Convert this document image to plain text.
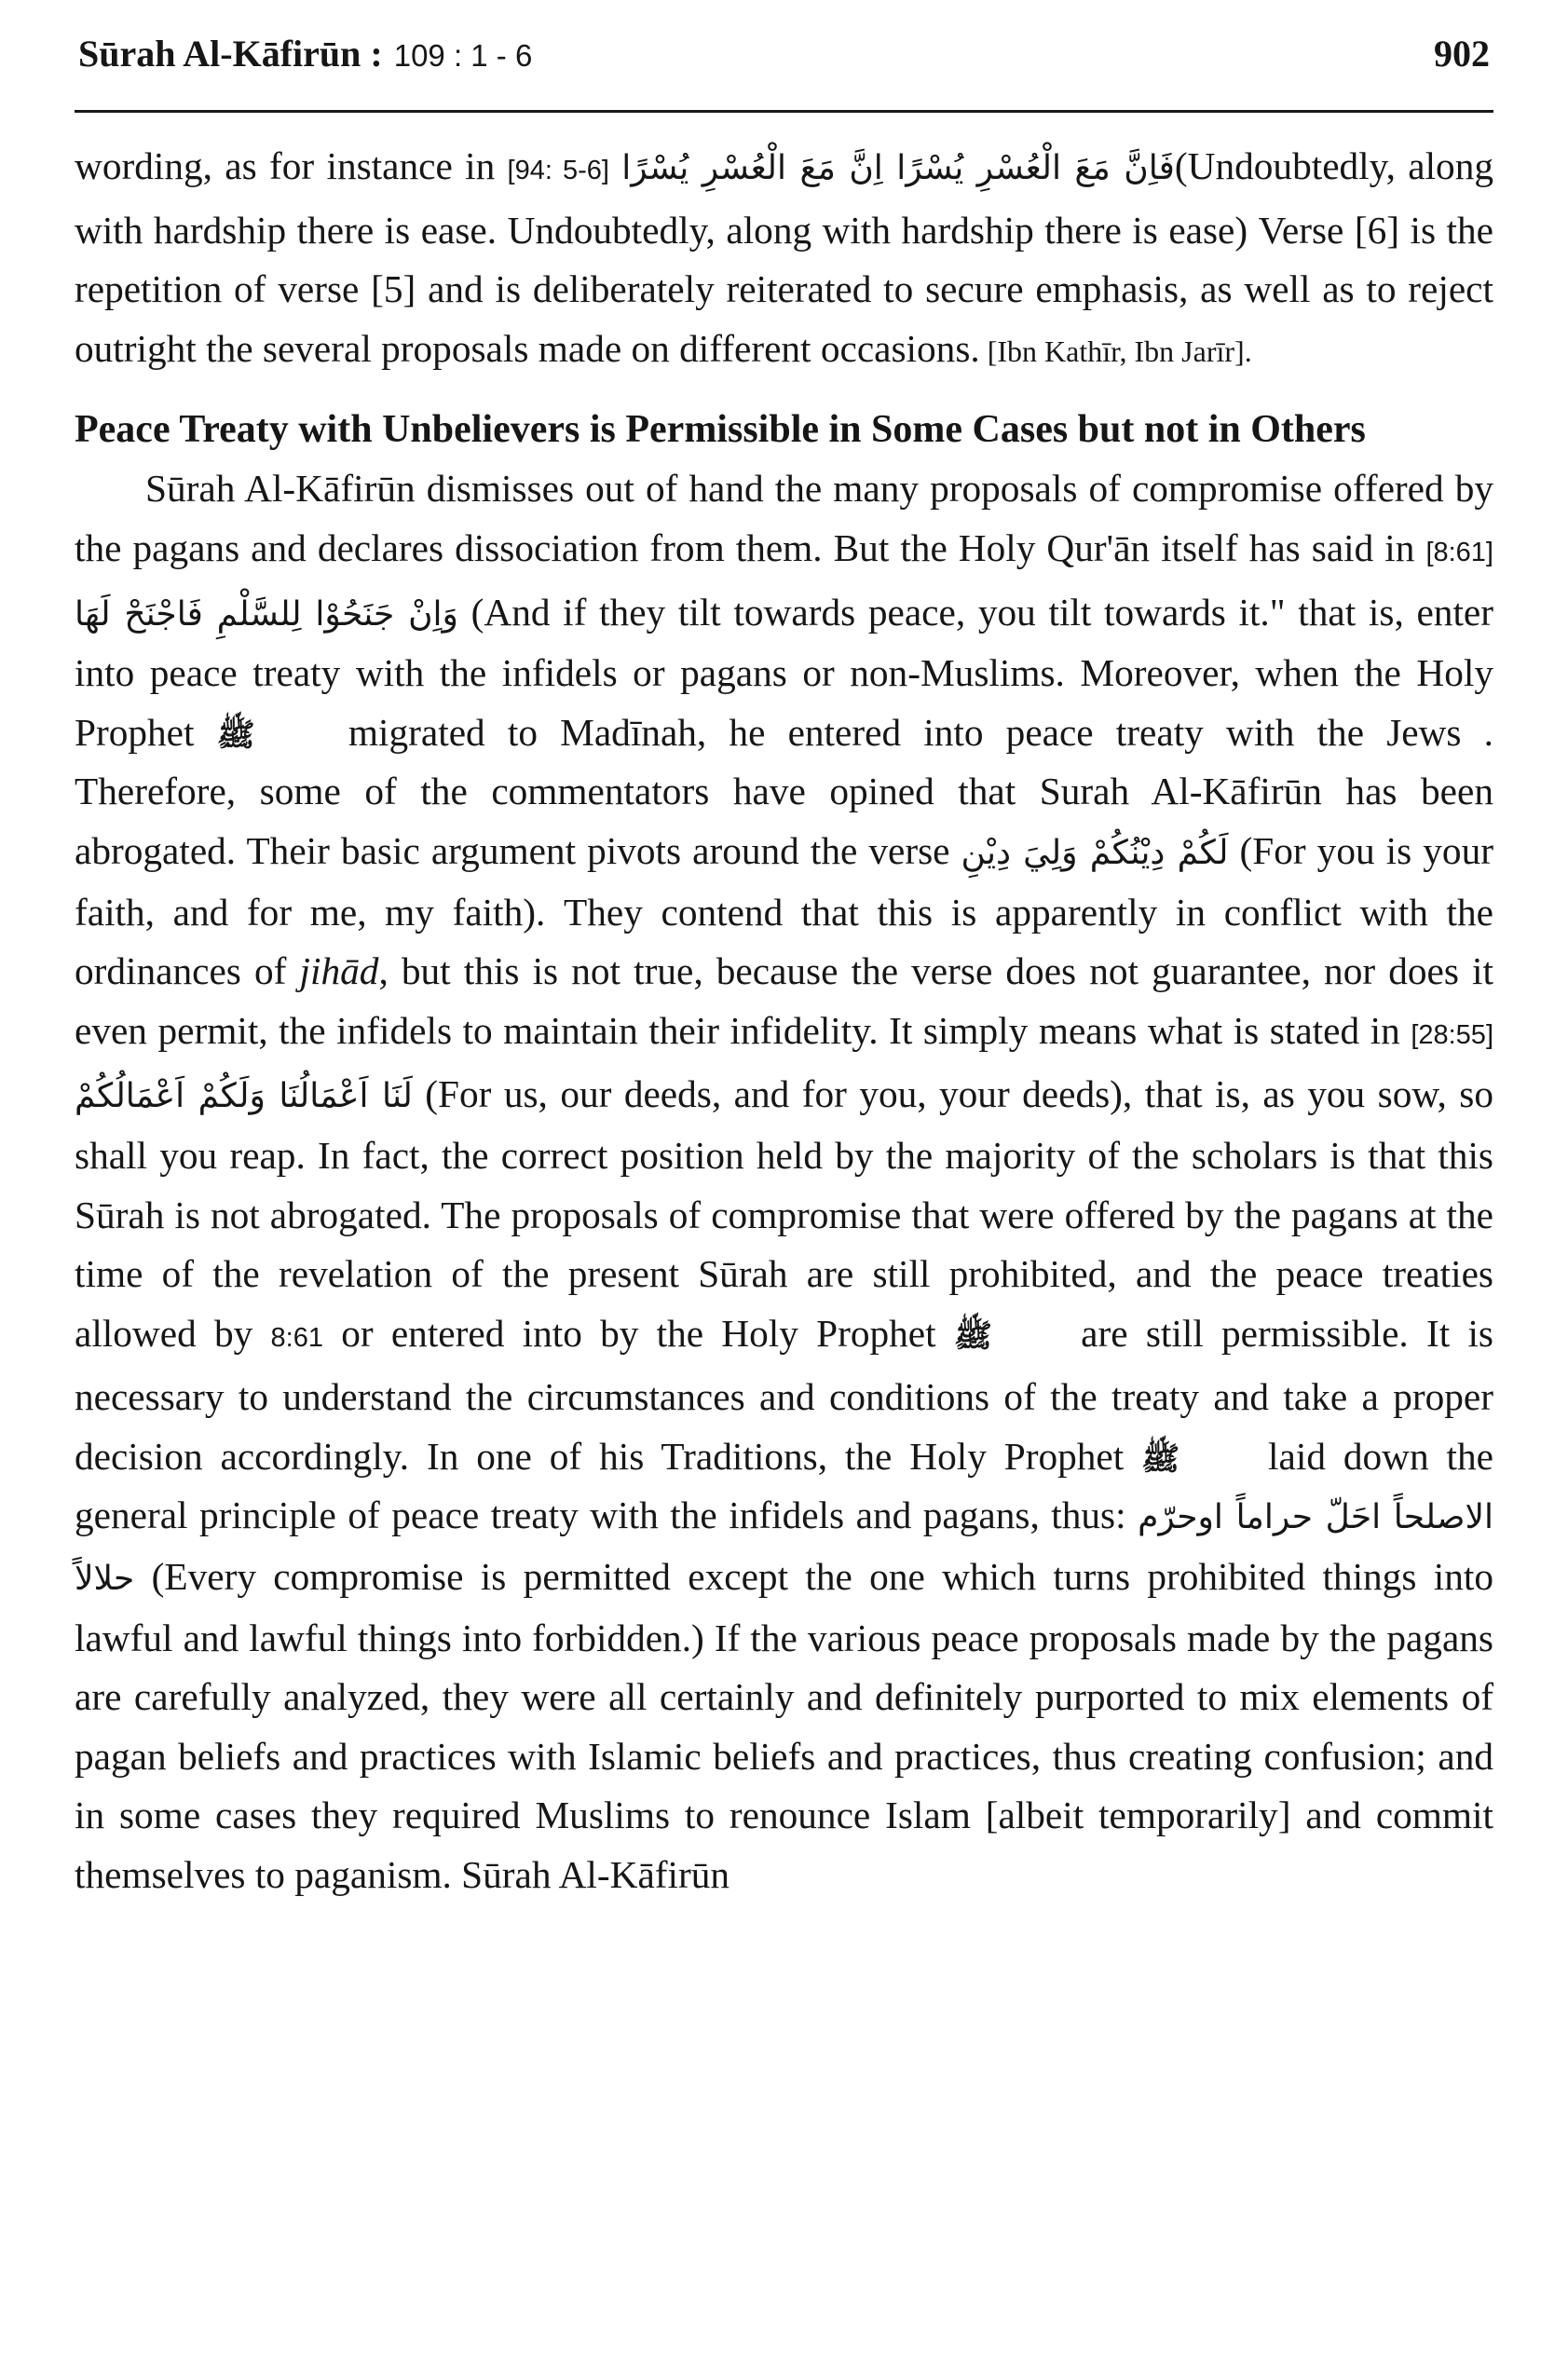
Sūrah Al-Kāfirūn : 109 : 1 - 6	902

wording, as for instance in [94: 5-6] فَاِنَّ مَعَ الْعُسْرِ يُسْرًا اِنَّ مَعَ الْعُسْرِ يُسْرًا(Undoubtedly, along with hardship there is ease. Undoubtedly, along with hardship there is ease) Verse [6] is the repetition of verse [5] and is deliberately reiterated to secure emphasis, as well as to reject outright the several proposals made on different occasions. [Ibn Kathīr, Ibn Jarīr].

Peace Treaty with Unbelievers is Permissible in Some Cases but not in Others

Sūrah Al-Kāfirūn dismisses out of hand the many proposals of compromise offered by the pagans and declares dissociation from them. But the Holy Qur'ān itself has said in [8:61] وَاِنْ جَنَحُوْا لِلسَّلْمِ فَاجْنَحْ لَهَا (And if they tilt towards peace, you tilt towards it." that is, enter into peace treaty with the infidels or pagans or non-Muslims. Moreover, when the Holy Prophet ﷺ migrated to Madīnah, he entered into peace treaty with the Jews . Therefore, some of the commentators have opined that Surah Al-Kāfirūn has been abrogated. Their basic argument pivots around the verse لَكُمْ دِيْنُكُمْ وَلِيَ دِيْنِ (For you is your faith, and for me, my faith). They contend that this is apparently in conflict with the ordinances of jihād, but this is not true, because the verse does not guarantee, nor does it even permit, the infidels to maintain their infidelity. It simply means what is stated in [28:55] لَنَا اَعْمَالُنَا وَلَكُمْ اَعْمَالُكُمْ (For us, our deeds, and for you, your deeds), that is, as you sow, so shall you reap. In fact, the correct position held by the majority of the scholars is that this Sūrah is not abrogated. The proposals of compromise that were offered by the pagans at the time of the revelation of the present Sūrah are still prohibited, and the peace treaties allowed by 8:61 or entered into by the Holy Prophet ﷺ are still permissible. It is necessary to understand the circumstances and conditions of the treaty and take a proper decision accordingly. In one of his Traditions, the Holy Prophet ﷺ laid down the general principle of peace treaty with the infidels and pagans, thus: الاصلحاً احَلّ حراماً اوحرّم حلالاً (Every compromise is permitted except the one which turns prohibited things into lawful and lawful things into forbidden.) If the various peace proposals made by the pagans are carefully analyzed, they were all certainly and definitely purported to mix elements of pagan beliefs and practices with Islamic beliefs and practices, thus creating confusion; and in some cases they required Muslims to renounce Islam [albeit temporarily] and commit themselves to paganism. Sūrah Al-Kāfirūn
